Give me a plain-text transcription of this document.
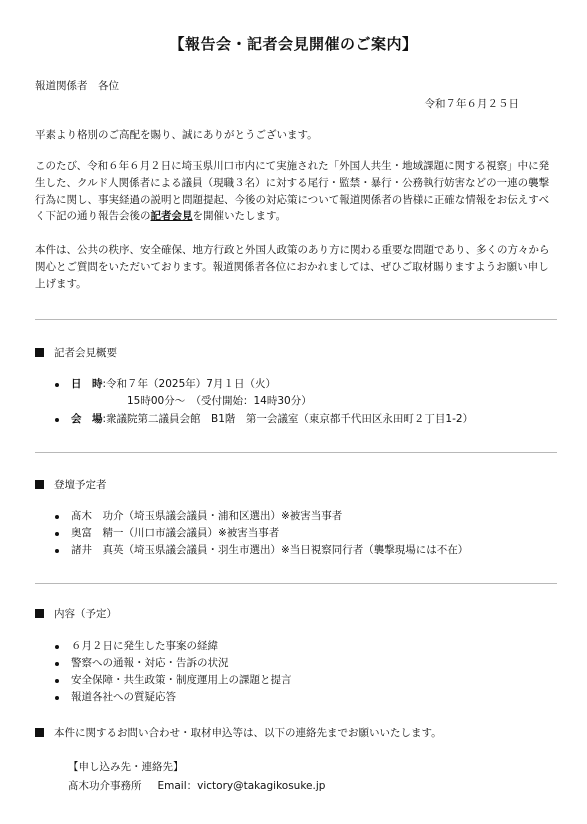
【報告会・記者会見開催のご案内】
報道関係者　各位
令和７年６月２５日
平素より格別のご高配を賜り、誠にありがとうございます。
このたび、令和６年６月２日に埼玉県川口市内にて実施された「外国人共生・地域課題に関する視察」中に発生した、クルド人関係者による議員（現職３名）に対する尾行・監禁・暴行・公務執行妨害などの一連の襲撃行為に関し、事実経過の説明と問題提起、今後の対応策について報道関係者の皆様に正確な情報をお伝えすべく下記の通り報告会後の記者会見を開催いたします。
本件は、公共の秩序、安全確保、地方行政と外国人政策のあり方に関わる重要な問題であり、多くの方々から関心とご質問をいただいております。報道関係者各位におかれましては、ぜひご取材賜りますようお願い申し上げます。
記者会見概要
日　時:令和７年（2025年）7月１日（火）
15時00分～　（受付開始：14時30分）
会　場:衆議院第二議員会館　B1階　第一会議室（東京都千代田区永田町２丁目1-2）
登壇予定者
髙木　功介（埼玉県議会議員・浦和区選出）※被害当事者
奥富　精一（川口市議会議員）※被害当事者
諸井　真英（埼玉県議会議員・羽生市選出）※当日視察同行者（襲撃現場には不在）
内容（予定）
６月２日に発生した事案の経緯
警察への通報・対応・告訴の状況
安全保障・共生政策・制度運用上の課題と提言
報道各社への質疑応答
本件に関するお問い合わせ・取材申込等は、以下の連絡先までお願いいたします。
【申し込み先・連絡先】
髙木功介事務所 Email：victory@takagikosuke.jp
